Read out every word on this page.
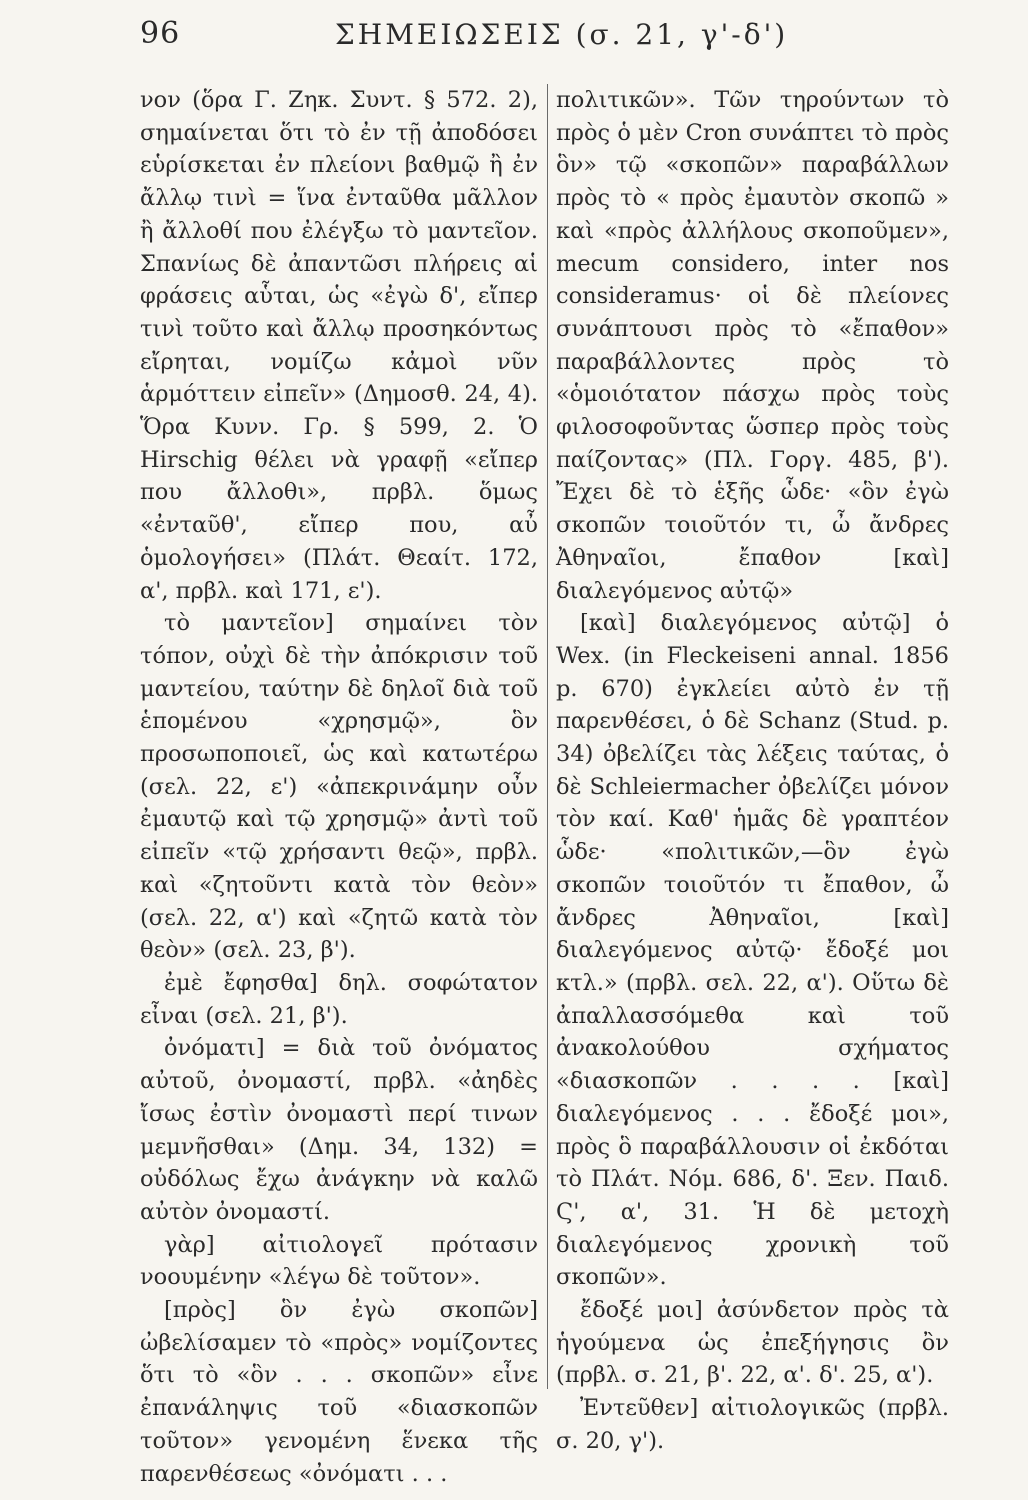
96	ΣΗΜΕΙΩΣΕΙΣ (σ. 21, γ'-δ')

νον (ὅρα Γ. Ζηκ. Συντ. § 572. 2), σημαίνεται ὅτι τὸ ἐν τῇ ἀποδόσει εὑρίσκεται ἐν πλείονι βαθμῷ ἢ ἐν ἄλλῳ τινὶ = ἵνα ἐνταῦθα μᾶλλον ἢ ἄλλοθί που ἐλέγξω τὸ μαντεῖον. Σπανίως δὲ ἀπαντῶσι πλήρεις αἱ φράσεις αὗται, ὡς «ἐγὼ δ', εἴπερ τινὶ τοῦτο καὶ ἄλλῳ προσηκόντως εἴρηται, νομίζω κἀμοὶ νῦν ἁρμόττειν εἰπεῖν» (Δημοσθ. 24, 4). Ὅρα Κυνν. Γρ. § 599, 2. Ὁ Hirschig θέλει νὰ γραφῇ «εἴπερ που ἄλλοθι», πρβλ. ὅμως «ἐνταῦθ', εἴπερ που, αὖ ὁμολογήσει» (Πλάτ. Θεαίτ. 172, α', πρβλ. καὶ 171, ε').

τὸ μαντεῖον] σημαίνει τὸν τόπον, οὐχὶ δὲ τὴν ἀπόκρισιν τοῦ μαντείου, ταύτην δὲ δηλοῖ διὰ τοῦ ἑπομένου «χρησμῷ», ὃν προσωποποιεῖ, ὡς καὶ κατωτέρω (σελ. 22, ε') «ἀπεκρινάμην οὖν ἐμαυτῷ καὶ τῷ χρησμῷ» ἀντὶ τοῦ εἰπεῖν «τῷ χρήσαντι θεῷ», πρβλ. καὶ «ζητοῦντι κατὰ τὸν θεὸν» (σελ. 22, α') καὶ «ζητῶ κατὰ τὸν θεὸν» (σελ. 23, β').

ἐμὲ ἔφησθα] δηλ. σοφώτατον εἶναι (σελ. 21, β').

ὀνόματι] = διὰ τοῦ ὀνόματος αὐτοῦ, ὀνομαστί, πρβλ. «ἀηδὲς ἴσως ἐστὶν ὀνομαστὶ περί τινων μεμνῆσθαι» (Δημ. 34, 132) = οὐδόλως ἔχω ἀνάγκην νὰ καλῶ αὐτὸν ὀνομαστί.

γὰρ] αἰτιολογεῖ πρότασιν νοουμένην «λέγω δὲ τοῦτον».

[πρὸς] ὃν ἐγὼ σκοπῶν] ὠβελίσαμεν τὸ «πρὸς» νομίζοντες ὅτι τὸ «ὃν . . . σκοπῶν» εἶνε ἐπανάληψις τοῦ «διασκοπῶν τοῦτον» γενομένη ἕνεκα τῆς παρενθέσεως «ὀνόματι . . .

πολιτικῶν». Τῶν τηρούντων τὸ πρὸς ὁ μὲν Cron συνάπτει τὸ πρὸς ὃν» τῷ «σκοπῶν» παραβάλλων πρὸς τὸ « πρὸς ἐμαυτὸν σκοπῶ » καὶ «πρὸς ἀλλήλους σκοποῦμεν», mecum considero, inter nos consideramus· οἱ δὲ πλείονες συνάπτουσι πρὸς τὸ «ἔπαθον» παραβάλλοντες πρὸς τὸ «ὁμοιότατον πάσχω πρὸς τοὺς φιλοσοφοῦντας ὥσπερ πρὸς τοὺς παίζοντας» (Πλ. Γοργ. 485, β'). Ἔχει δὲ τὸ ἑξῆς ὧδε· «ὃν ἐγὼ σκοπῶν τοιοῦτόν τι, ὦ ἄνδρες Ἀθηναῖοι, ἔπαθον [καὶ] διαλεγόμενος αὐτῷ»

[καὶ] διαλεγόμενος αὐτῷ] ὁ Wex. (in Fleckeiseni annal. 1856 p. 670) ἐγκλείει αὐτὸ ἐν τῇ παρενθέσει, ὁ δὲ Schanz (Stud. p. 34) ὀβελίζει τὰς λέξεις ταύτας, ὁ δὲ Schleiermacher ὀβελίζει μόνον τὸν καί. Καθ' ἡμᾶς δὲ γραπτέον ὧδε· «πολιτικῶν,—ὃν ἐγὼ σκοπῶν τοιοῦτόν τι ἔπαθον, ὦ ἄνδρες Ἀθηναῖοι, [καὶ] διαλεγόμενος αὐτῷ· ἔδοξέ μοι κτλ.» (πρβλ. σελ. 22, α'). Οὕτω δὲ ἀπαλλασσόμεθα καὶ τοῦ ἀνακολούθου σχήματος «διασκοπῶν . . . . [καὶ] διαλεγόμενος . . . ἔδοξέ μοι», πρὸς ὃ παραβάλλουσιν οἱ ἐκδόται τὸ Πλάτ. Νόμ. 686, δ'. Ξεν. Παιδ. Ϛ', α', 31. Ἡ δὲ μετοχὴ διαλεγόμενος χρονικὴ τοῦ σκοπῶν».

ἔδοξέ μοι] ἀσύνδετον πρὸς τὰ ἡγούμενα ὡς ἐπεξήγησις ὂν (πρβλ. σ. 21, β'. 22, α'. δ'. 25, α').

Ἐντεῦθεν] αἰτιολογικῶς (πρβλ. σ. 20, γ').
